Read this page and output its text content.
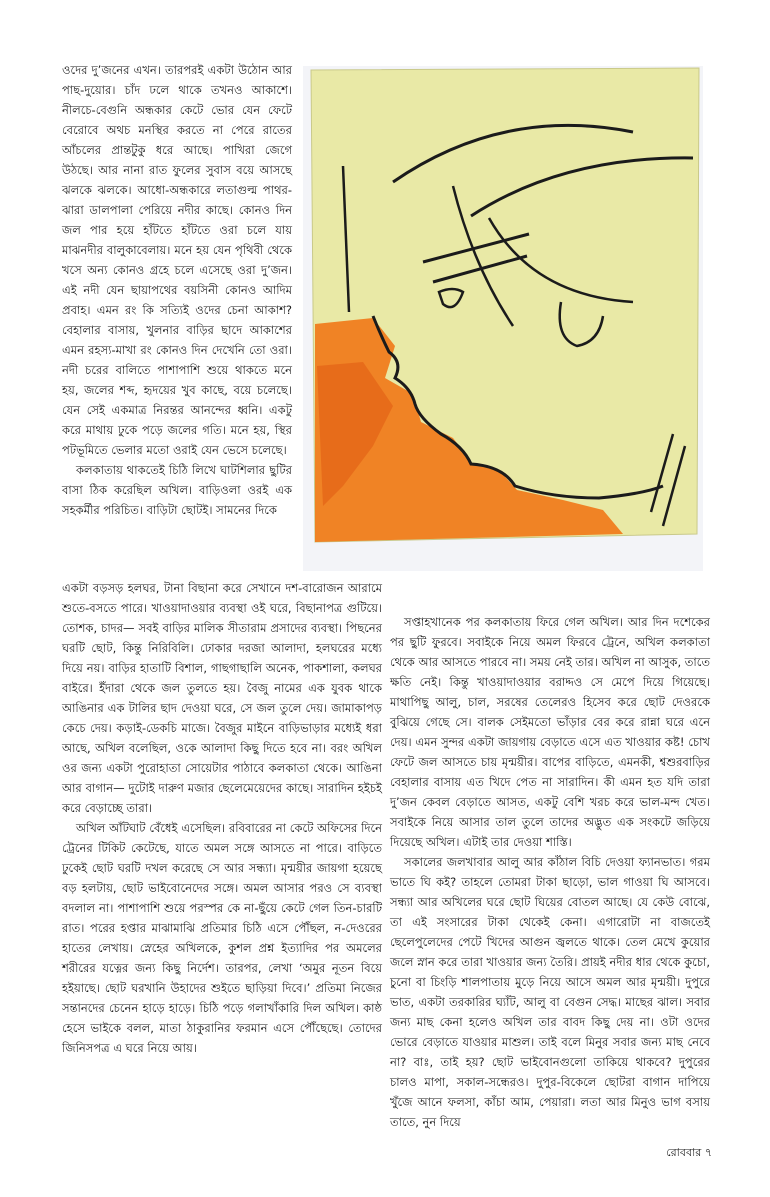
ওদের দু’জনের এখন। তারপরই একটা উঠোন আর পাছ-দুয়োর। চাঁদ ঢলে থাকে তখনও আকাশে। নীলচে-বেগুনি অন্ধকার কেটে ভোর যেন ফেটে বেরোবে অথচ মনস্থির করতে না পেরে রাতের আঁচলের প্রান্তটুকু ধরে আছে। পাখিরা জেগে উঠছে। আর নানা রাত ফুলের সুবাস বয়ে আসছে ঝলকে ঝলকে। আধো-অন্ধকারে লতাগুল্ম পাথর-ঝারা ডালপালা পেরিয়ে নদীর কাছে। কোনও দিন জল পার হয়ে হাঁটতে হাঁটতে ওরা চলে যায় মাঝনদীর বালুকাবেলায়। মনে হয় যেন পৃথিবী থেকে খসে অন্য কোনও গ্রহে চলে এসেছে ওরা দু’জন। এই নদী যেন ছায়াপথের বয়সিনী কোনও আদিম প্রবাহ। এমন রং কি সত্যিই ওদের চেনা আকাশ? বেহালার বাসায়, খুলনার বাড়ির ছাদে আকাশের এমন রহস্য-মাখা রং কোনও দিন দেখেনি তো ওরা। নদী চরের বালিতে পাশাপাশি শুয়ে থাকতে মনে হয়, জলের শব্দ, হৃদয়ের খুব কাছে, বয়ে চলেছে। যেন সেই একমাত্র নিরন্তর আনন্দের ধ্বনি। একটু করে মাথায় ঢুকে পড়ে জলের গতি। মনে হয়, স্থির পটভূমিতে ভেলার মতো ওরাই যেন ভেসে চলেছে।

কলকাতায় থাকতেই চিঠি লিখে ঘাটশিলার ছুটির বাসা ঠিক করেছিল অখিল। বাড়িওলা ওরই এক সহকর্মীর পরিচিত। বাড়িটা ছোটই। সামনের দিকে

একটা বড়সড় হলঘর, টানা বিছানা করে সেখানে দশ-বারোজন আরামে শুতে-বসতে পারে। খাওয়াদাওয়ার ব্যবস্থা ওই ঘরে, বিছানাপত্র গুটিয়ে। তোশক, চাদর— সবই বাড়ির মালিক সীতারাম প্রসাদের ব্যবস্থা। পিছনের ঘরটি ছোট, কিন্তু নিরিবিলি। ঢোকার দরজা আলাদা, হলঘরের মধ্যে দিয়ে নয়। বাড়ির হাতাটি বিশাল, গাছগাছালি অনেক, পাকশালা, কলঘর বাইরে। ইঁদারা থেকে জল তুলতে হয়। বৈজু নামের এক যুবক থাকে আঙিনার এক টালির ছাদ দেওয়া ঘরে, সে জল তুলে দেয়। জামাকাপড় কেচে দেয়। কড়াই-ডেকচি মাজে। বৈজুর মাইনে বাড়িভাড়ার মধ্যেই ধরা আছে, অখিল বলেছিল, ওকে আলাদা কিছু দিতে হবে না। বরং অখিল ওর জন্য একটা পুরোহাতা সোয়েটার পাঠাবে কলকাতা থেকে। আঙিনা আর বাগান— দুটোই দারুণ মজার ছেলেমেয়েদের কাছে। সারাদিন হইচই করে বেড়াচ্ছে তারা।

অখিল আঁটঘাট বেঁধেই এসেছিল। রবিবারের না কেটে অফিসের দিনে ট্রেনের টিকিট কেটেছে, যাতে অমল সঙ্গে আসতে না পারে। বাড়িতে ঢুকেই ছোট ঘরটি দখল করেছে সে আর সন্ধ্যা। মৃন্ময়ীর জায়গা হয়েছে বড় হলটায়, ছোট ভাইবোনেদের সঙ্গে। অমল আসার পরও সে ব্যবস্থা বদলাল না। পাশাপাশি শুয়ে পরস্পর কে না-ছুঁয়ে কেটে গেল তিন-চারটি রাত। পরের হপ্তার মাঝামাঝি প্রতিমার চিঠি এসে পৌঁছল, ন-দেওরের হাতের লেখায়। স্নেহের অখিলকে, কুশল প্রশ্ন ইত্যাদির পর অমলের শরীরের যত্নের জন্য কিছু নির্দেশ। তারপর, লেখা ‘অমুর নূতন বিয়ে হইয়াছে। ছোট ঘরখানি উহাদের শুইতে ছাড়িয়া দিবে।’ প্রতিমা নিজের সন্তানদের চেনেন হাড়ে হাড়ে। চিঠি পড়ে গলাখাঁকারি দিল অখিল। কাষ্ঠ হেসে ভাইকে বলল, মাতা ঠাকুরানির ফরমান এসে পৌঁছেছে। তোদের জিনিসপত্র এ ঘরে নিয়ে আয়।

সপ্তাহখানেক পর কলকাতায় ফিরে গেল অখিল। আর দিন দশেকের পর ছুটি ফুরবে। সবাইকে নিয়ে অমল ফিরবে ট্রেনে, অখিল কলকাতা থেকে আর আসতে পারবে না। সময় নেই তার। অখিল না আসুক, তাতে ক্ষতি নেই। কিন্তু খাওয়াদাওয়ার বরাদ্দও সে মেপে দিয়ে গিয়েছে। মাথাপিছু আলু, চাল, সরষের তেলেরও হিসেব করে ছোট দেওরকে বুঝিয়ে গেছে সে। বালক সেইমতো ভাঁড়ার বের করে রান্না ঘরে এনে দেয়। এমন সুন্দর একটা জায়গায় বেড়াতে এসে এত খাওয়ার কষ্ট! চোখ ফেটে জল আসতে চায় মৃন্ময়ীর। বাপের বাড়িতে, এমনকী, শ্বশুরবাড়ির বেহালার বাসায় এত খিদে পেত না সারাদিন। কী এমন হত যদি তারা দু’জন কেবল বেড়াতে আসত, একটু বেশি খরচ করে ভাল-মন্দ খেত। সবাইকে নিয়ে আসার তাল তুলে তাদের অদ্ভুত এক সংকটে জড়িয়ে দিয়েছে অখিল। এটাই তার দেওয়া শাস্তি।

সকালের জলখাবার আলু আর কাঁঠাল বিচি দেওয়া ফ্যানভাত। গরম ভাতে ঘি কই? তাহলে তোমরা টাকা ছাড়ো, ভাল গাওয়া ঘি আসবে। সন্ধ্যা আর অখিলের ঘরে ছোট ঘিয়ের বোতল আছে। যে কেউ বোঝে, তা এই সংসারের টাকা থেকেই কেনা। এগারোটা না বাজতেই ছেলেপুলেদের পেটে খিদের আগুন জ্বলতে থাকে। তেল মেখে কুয়োর জলে স্নান করে তারা খাওয়ার জন্য তৈরি। প্রায়ই নদীর ধার থেকে কুচো, চুনো বা চিংড়ি শালপাতায় মুড়ে নিয়ে আসে অমল আর মৃন্ময়ী। দুপুরে ভাত, একটা তরকারির ঘ্যাঁট, আলু বা বেগুন সেদ্ধ। মাছের ঝাল। সবার জন্য মাছ কেনা হলেও অখিল তার বাবদ কিছু দেয় না। ওটা ওদের ভোরে বেড়াতে যাওয়ার মাশুল। তাই বলে মিনুর সবার জন্য মাছ নেবে না? বাঃ, তাই হয়? ছোট ভাইবোনগুলো তাকিয়ে থাকবে? দুপুরের চালও মাপা, সকাল-সন্ধেরও। দুপুর-বিকেলে ছোটরা বাগান দাপিয়ে খুঁজে আনে ফলসা, কাঁচা আম, পেয়ারা। লতা আর মিনুও ভাগ বসায় তাতে, নুন দিয়ে

রোববার ৭
